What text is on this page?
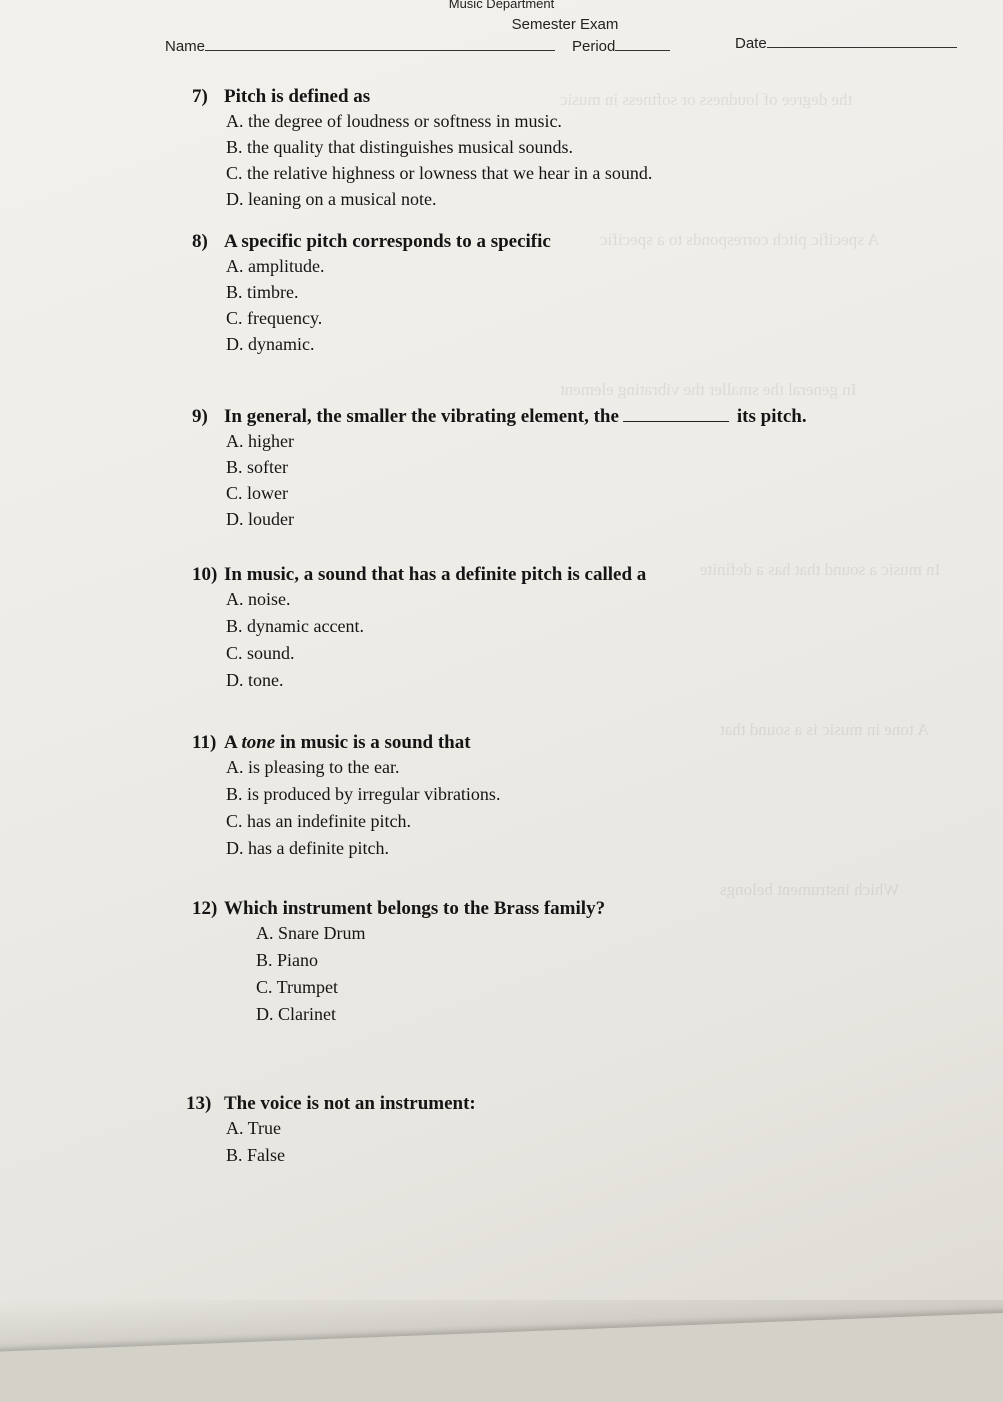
the degree of loudness or softness in music
A specific pitch corresponds to a specific
In general the smaller the vibrating element
In music a sound that has a definite
A tone in music is a sound that
Which instrument belongs
Music Department
Semester Exam
Name	Period	Date
7) Pitch is defined as
A. the degree of loudness or softness in music.
B. the quality that distinguishes musical sounds.
C. the relative highness or lowness that we hear in a sound.
D. leaning on a musical note.
8) A specific pitch corresponds to a specific
A. amplitude.
B. timbre.
C. frequency.
D. dynamic.
9) In general, the smaller the vibrating element, the	its pitch.
A. higher
B. softer
C. lower
D. louder
10) In music, a sound that has a definite pitch is called a
A. noise.
B. dynamic accent.
C. sound.
D. tone.
11) A tone in music is a sound that
A. is pleasing to the ear.
B. is produced by irregular vibrations.
C. has an indefinite pitch.
D. has a definite pitch.
12) Which instrument belongs to the Brass family?
A. Snare Drum
B. Piano
C. Trumpet
D. Clarinet
13) The voice is not an instrument:
A. True
B. False
